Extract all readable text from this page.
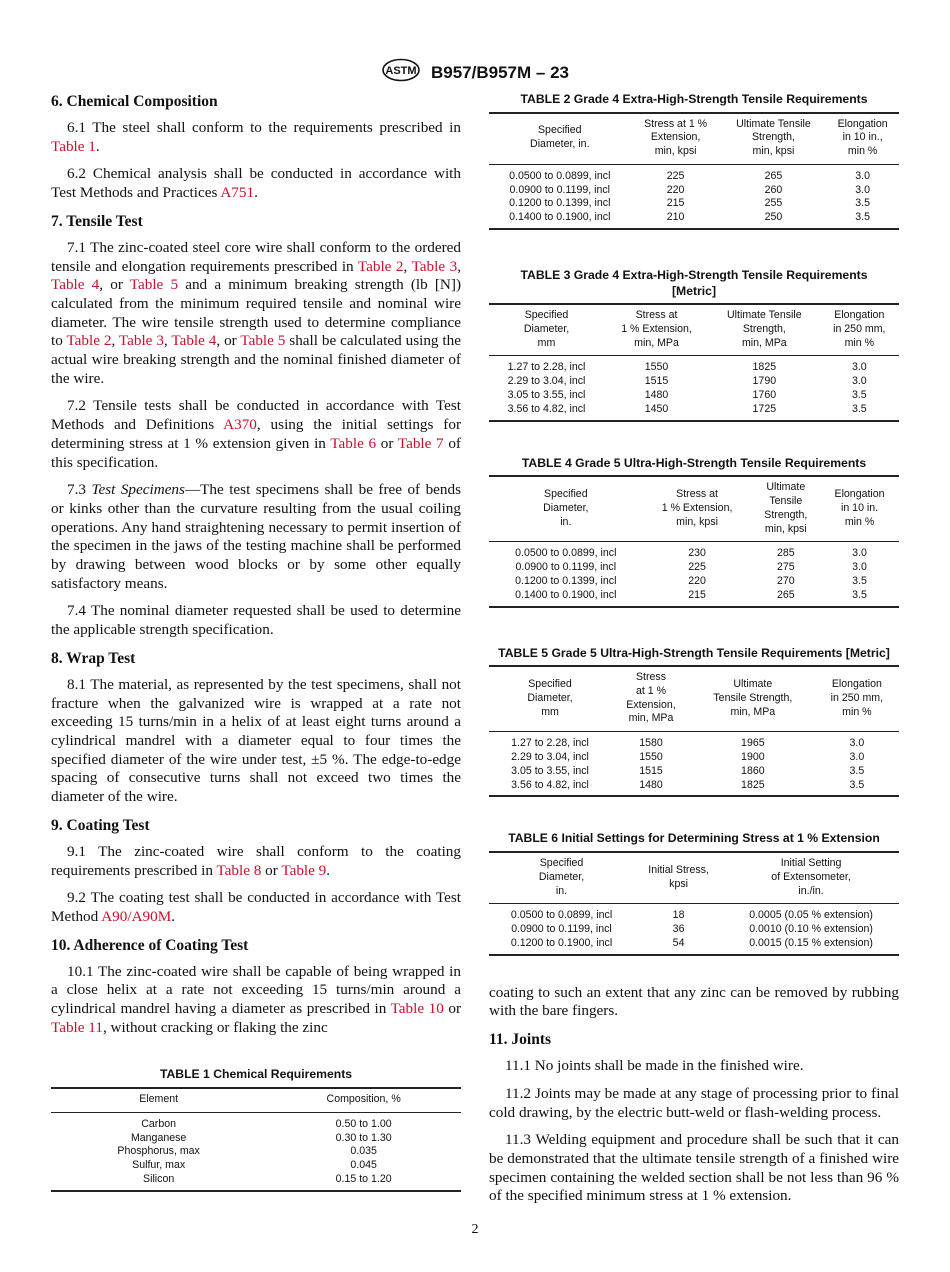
ASTM B957/B957M – 23
6. Chemical Composition

6.1 The steel shall conform to the requirements prescribed in Table 1.

6.2 Chemical analysis shall be conducted in accordance with Test Methods and Practices A751.

7. Tensile Test

7.1 The zinc-coated steel core wire shall conform to the ordered tensile and elongation requirements prescribed in Table 2, Table 3, Table 4, or Table 5 and a minimum breaking strength (lb [N]) calculated from the minimum required tensile and nominal wire diameter. The wire tensile strength used to determine compliance to Table 2, Table 3, Table 4, or Table 5 shall be calculated using the actual wire breaking strength and the nominal finished diameter of the wire.

7.2 Tensile tests shall be conducted in accordance with Test Methods and Definitions A370, using the initial settings for determining stress at 1 % extension given in Table 6 or Table 7 of this specification.

7.3 Test Specimens—The test specimens shall be free of bends or kinks other than the curvature resulting from the usual coiling operations. Any hand straightening necessary to permit insertion of the specimen in the jaws of the testing machine shall be performed by drawing between wood blocks or by some other equally satisfactory means.

7.4 The nominal diameter requested shall be used to determine the applicable strength specification.

8. Wrap Test

8.1 The material, as represented by the test specimens, shall not fracture when the galvanized wire is wrapped at a rate not exceeding 15 turns/min in a helix of at least eight turns around a cylindrical mandrel with a diameter equal to four times the specified diameter of the wire under test, ±5 %. The edge-to-edge spacing of consecutive turns shall not exceed two times the diameter of the wire.

9. Coating Test

9.1 The zinc-coated wire shall conform to the coating requirements prescribed in Table 8 or Table 9.

9.2 The coating test shall be conducted in accordance with Test Method A90/A90M.

10. Adherence of Coating Test

10.1 The zinc-coated wire shall be capable of being wrapped in a close helix at a rate not exceeding 15 turns/min around a cylindrical mandrel having a diameter as prescribed in Table 10 or Table 11, without cracking or flaking the zinc

TABLE 1 Chemical Requirements
Element	Composition, %
Carbon	0.50 to 1.00
Manganese	0.30 to 1.30
Phosphorus, max	0.035
Sulfur, max	0.045
Silicon	0.15 to 1.20
TABLE 2 Grade 4 Extra-High-Strength Tensile Requirements
Specified
Diameter, in.	Stress at 1 %
Extension,
min, kpsi	Ultimate Tensile
Strength,
min, kpsi	Elongation
in 10 in.,
min %
0.0500 to 0.0899, incl	225	265	3.0
0.0900 to 0.1199, incl	220	260	3.0
0.1200 to 0.1399, incl	215	255	3.5
0.1400 to 0.1900, incl	210	250	3.5
TABLE 3 Grade 4 Extra-High-Strength Tensile Requirements [Metric]
Specified
Diameter,
mm	Stress at
1 % Extension,
min, MPa	Ultimate Tensile
Strength,
min, MPa	Elongation
in 250 mm,
min %
1.27 to 2.28, incl	1550	1825	3.0
2.29 to 3.04, incl	1515	1790	3.0
3.05 to 3.55, incl	1480	1760	3.5
3.56 to 4.82, incl	1450	1725	3.5
TABLE 4 Grade 5 Ultra-High-Strength Tensile Requirements
Specified
Diameter,
in.	Stress at
1 % Extension,
min, kpsi	Ultimate
Tensile
Strength,
min, kpsi	Elongation
in 10 in.
min %
0.0500 to 0.0899, incl	230	285	3.0
0.0900 to 0.1199, incl	225	275	3.0
0.1200 to 0.1399, incl	220	270	3.5
0.1400 to 0.1900, incl	215	265	3.5
TABLE 5 Grade 5 Ultra-High-Strength Tensile Requirements [Metric]
Specified
Diameter,
mm	Stress
at 1 %
Extension,
min, MPa	Ultimate
Tensile Strength,
min, MPa	Elongation
in 250 mm,
min %
1.27 to 2.28, incl	1580	1965	3.0
2.29 to 3.04, incl	1550	1900	3.0
3.05 to 3.55, incl	1515	1860	3.5
3.56 to 4.82, incl	1480	1825	3.5
TABLE 6 Initial Settings for Determining Stress at 1 % Extension
Specified
Diameter,
in.	Initial Stress,
kpsi	Initial Setting
of Extensometer,
in./in.
0.0500 to 0.0899, incl	18	0.0005 (0.05 % extension)
0.0900 to 0.1199, incl	36	0.0010 (0.10 % extension)
0.1200 to 0.1900, incl	54	0.0015 (0.15 % extension)

coating to such an extent that any zinc can be removed by rubbing with the bare fingers.

11. Joints

11.1 No joints shall be made in the finished wire.

11.2 Joints may be made at any stage of processing prior to final cold drawing, by the electric butt-weld or flash-welding process.

11.3 Welding equipment and procedure shall be such that it can be demonstrated that the ultimate tensile strength of a finished wire specimen containing the welded section shall be not less than 96 % of the specified minimum stress at 1 % extension.

2
